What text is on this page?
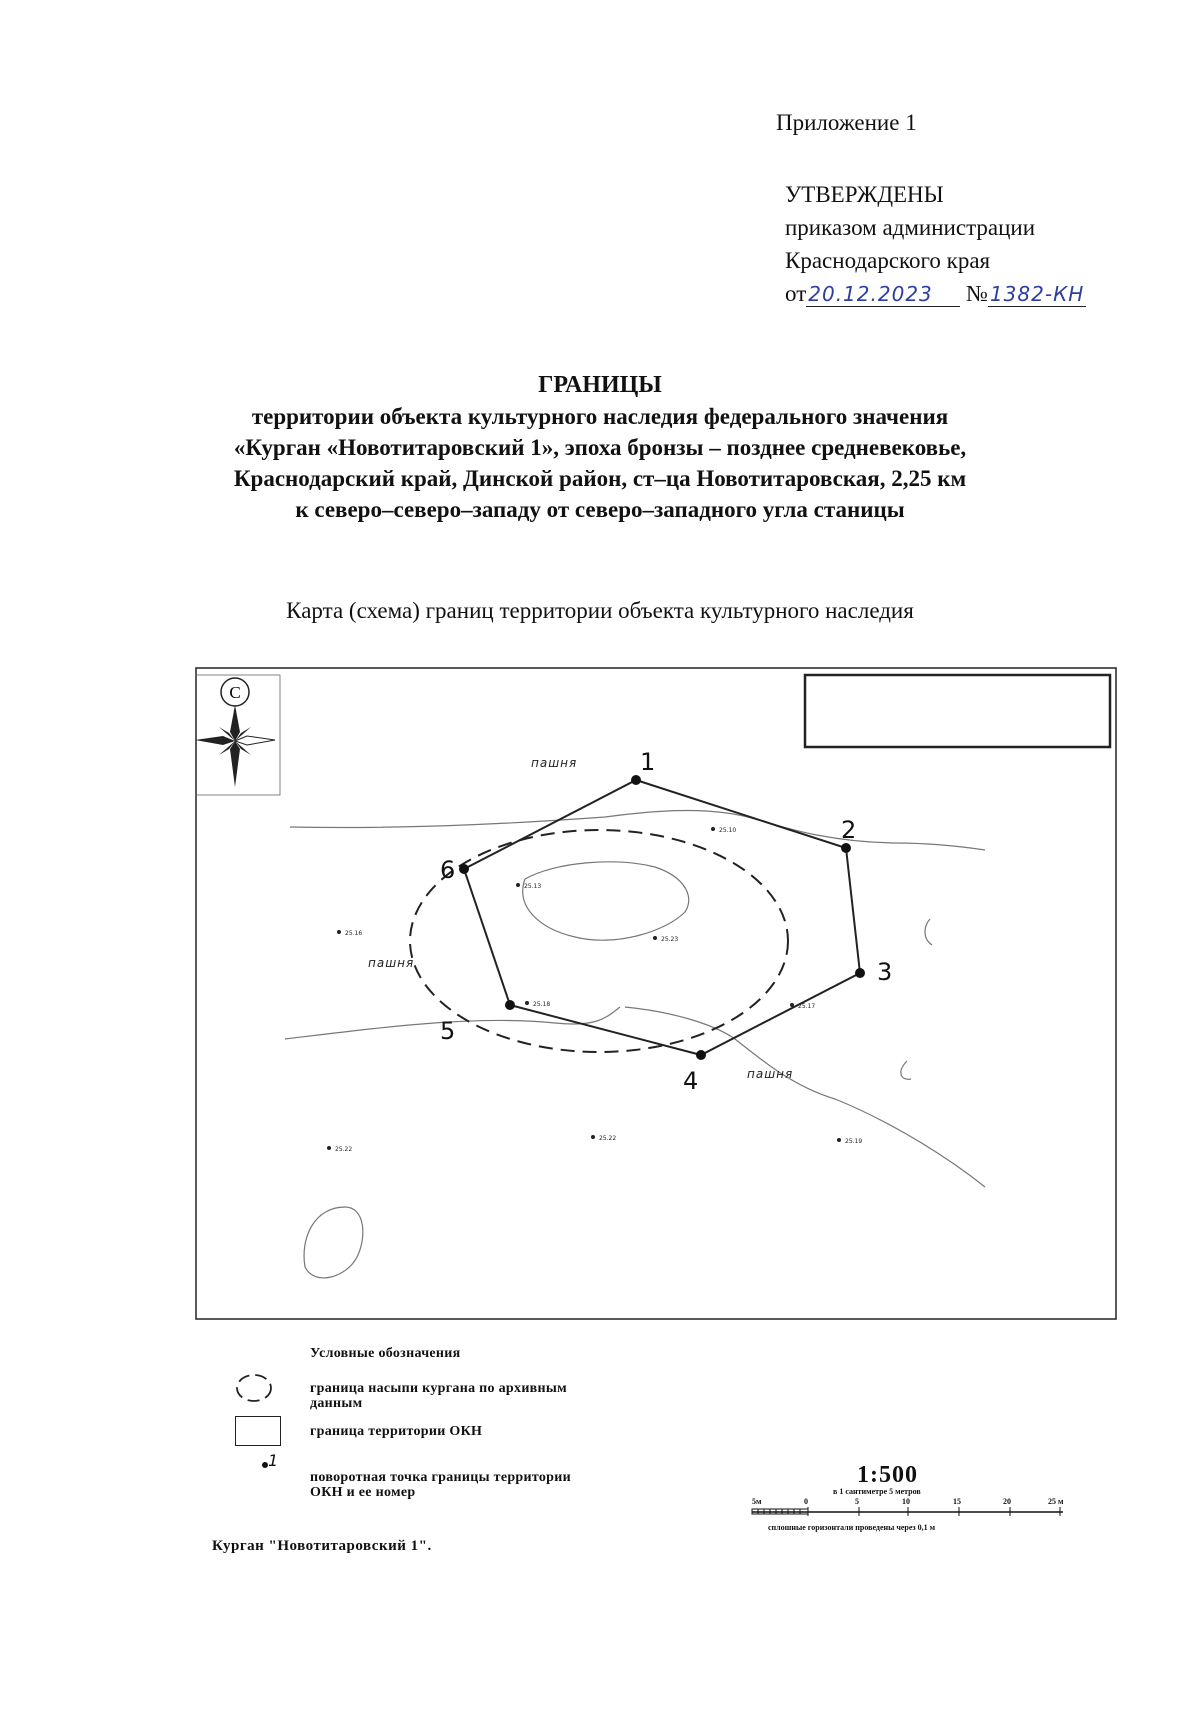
Приложение 1
УТВЕРЖДЕНЫ
приказом администрации
Краснодарского края
от 20.12.2023 № 1382-КН
ГРАНИЦЫ
территории объекта культурного наследия федерального значения
«Курган «Новотитаровский 1», эпоха бронзы – позднее средневековье,
Краснодарский край, Динской район, ст–ца Новотитаровская, 2,25 км
к северо–северо–западу от северо–западного угла станицы
Карта (схема) границ территории объекта культурного наследия
С
1
2
3
4
5
6
пашня
пашня
пашня
25.10
25.13
25.23
25.16
25.18	25.17
25.22
25.22
25.19
Условные обозначения
граница насыпи кургана по архивным данным
граница территории ОКН
1
поворотная точка границы территории ОКН и ее номер
1:500
в 1 сантиметре 5 метров
5м	0	5	10	15	20	25 м
сплошные горизонтали проведены через 0,1 м
Курган "Новотитаровский 1".
